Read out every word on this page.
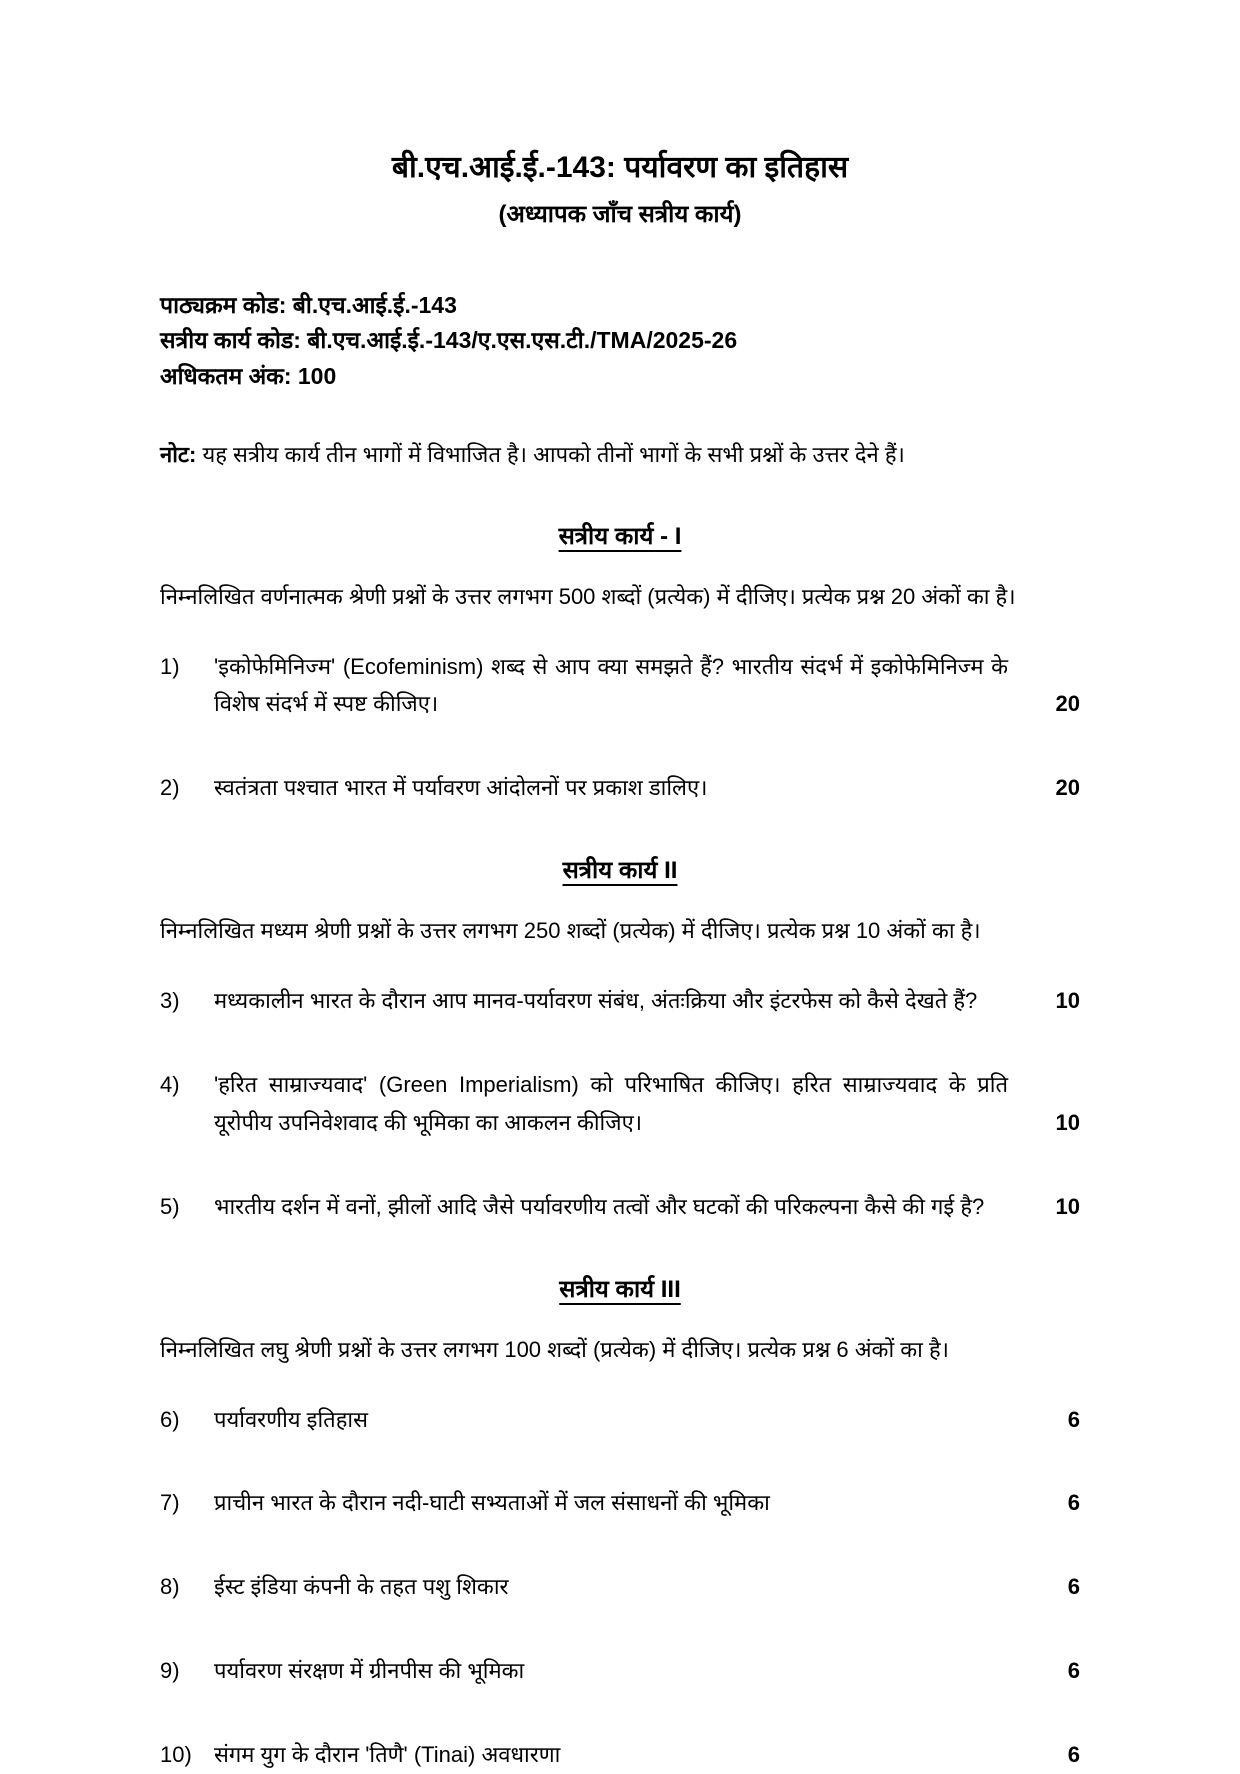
बी.एच.आई.ई.-143: पर्यावरण का इतिहास
(अध्यापक जाँच सत्रीय कार्य)
पाठ्यक्रम कोड: बी.एच.आई.ई.-143
सत्रीय कार्य कोड: बी.एच.आई.ई.-143/ए.एस.एस.टी./TMA/2025-26
अधिकतम अंक: 100

नोट: यह सत्रीय कार्य तीन भागों में विभाजित है। आपको तीनों भागों के सभी प्रश्नों के उत्तर देने हैं।

सत्रीय कार्य - I

निम्नलिखित वर्णनात्मक श्रेणी प्रश्नों के उत्तर लगभग 500 शब्दों (प्रत्येक) में दीजिए। प्रत्येक प्रश्न 20 अंकों का है।

1)	'इकोफेमिनिज्म' (Ecofeminism) शब्द से आप क्या समझते हैं? भारतीय संदर्भ में इकोफेमिनिज्म के विशेष संदर्भ में स्पष्ट कीजिए।	20
2)	स्वतंत्रता पश्चात भारत में पर्यावरण आंदोलनों पर प्रकाश डालिए।	20
सत्रीय कार्य II

निम्नलिखित मध्यम श्रेणी प्रश्नों के उत्तर लगभग 250 शब्दों (प्रत्येक) में दीजिए। प्रत्येक प्रश्न 10 अंकों का है।

3)	मध्यकालीन भारत के दौरान आप मानव-पर्यावरण संबंध, अंतःक्रिया और इंटरफेस को कैसे देखते हैं?	10
4)	'हरित साम्राज्यवाद' (Green Imperialism) को परिभाषित कीजिए। हरित साम्राज्यवाद के प्रति यूरोपीय उपनिवेशवाद की भूमिका का आकलन कीजिए।	10
5)	भारतीय दर्शन में वनों, झीलों आदि जैसे पर्यावरणीय तत्वों और घटकों की परिकल्पना कैसे की गई है?	10
सत्रीय कार्य III

निम्नलिखित लघु श्रेणी प्रश्नों के उत्तर लगभग 100 शब्दों (प्रत्येक) में दीजिए। प्रत्येक प्रश्न 6 अंकों का है।

6)	पर्यावरणीय इतिहास	6
7)	प्राचीन भारत के दौरान नदी-घाटी सभ्यताओं में जल संसाधनों की भूमिका	6
8)	ईस्ट इंडिया कंपनी के तहत पशु शिकार	6
9)	पर्यावरण संरक्षण में ग्रीनपीस की भूमिका	6
10)	संगम युग के दौरान 'तिणै' (Tinai) अवधारणा	6
